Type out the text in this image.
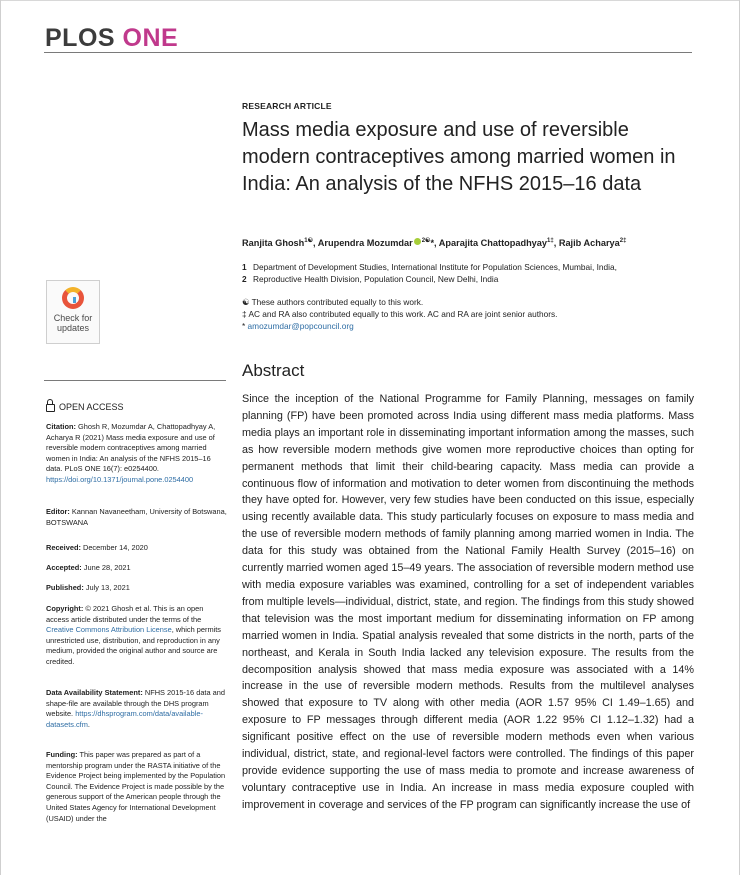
PLOS ONE
RESEARCH ARTICLE
Mass media exposure and use of reversible modern contraceptives among married women in India: An analysis of the NFHS 2015–16 data
Ranjita Ghosh$^{1☯}$, Arupendra Mozumdar $^{2☯}$*, Aparajita Chattopadhyay$^{1\ddagger}$, Rajib Acharya$^{2\ddagger}$
1 Department of Development Studies, International Institute for Population Sciences, Mumbai, India,
2 Reproductive Health Division, Population Council, New Delhi, India
☯ These authors contributed equally to this work.
‡ AC and RA also contributed equally to this work. AC and RA are joint senior authors.
* amozumdar@popcouncil.org
Check for
updates
OPEN ACCESS
Citation: Ghosh R, Mozumdar A, Chattopadhyay A, Acharya R (2021) Mass media exposure and use of reversible modern contraceptives among married women in India: An analysis of the NFHS 2015–16 data. PLoS ONE 16(7): e0254400. https://doi.org/10.1371/journal.pone.0254400
Editor: Kannan Navaneetham, University of Botswana, BOTSWANA
Received: December 14, 2020
Accepted: June 28, 2021
Published: July 13, 2021
Copyright: © 2021 Ghosh et al. This is an open access article distributed under the terms of the Creative Commons Attribution License, which permits unrestricted use, distribution, and reproduction in any medium, provided the original author and source are credited.
Data Availability Statement: NFHS 2015-16 data and shape-file are available through the DHS program website. https://dhsprogram.com/data/available-datasets.cfm.
Funding: This paper was prepared as part of a mentorship program under the RASTA initiative of the Evidence Project being implemented by the Population Council. The Evidence Project is made possible by the generous support of the American people through the United States Agency for International Development (USAID) under the
Abstract
Since the inception of the National Programme for Family Planning, messages on family planning (FP) have been promoted across India using different mass media platforms. Mass media plays an important role in disseminating important information among the masses, such as how reversible modern methods give women more reproductive choices than opting for permanent methods that limit their child-bearing capacity. Mass media can provide a continuous flow of information and motivation to deter women from discontinuing the methods they have opted for. However, very few studies have been conducted on this issue, especially using recently available data. This study particularly focuses on exposure to mass media and the use of reversible modern methods of family planning among married women in India. The data for this study was obtained from the National Family Health Survey (2015–16) on currently married women aged 15–49 years. The association of reversible modern method use with media exposure variables was examined, controlling for a set of independent variables from multiple levels—individual, district, state, and region. The findings from this study showed that television was the most important medium for disseminating information on FP among married women in India. Spatial analysis revealed that some districts in the north, parts of the northeast, and Kerala in South India lacked any television exposure. The results from the decomposition analysis showed that mass media exposure was associated with a 14% increase in the use of reversible modern methods. Results from the multilevel analyses showed that exposure to TV along with other media (AOR 1.57 95% CI 1.49–1.65) and exposure to FP messages through different media (AOR 1.22 95% CI 1.12–1.32) had a significant positive effect on the use of reversible modern methods even when various individual, district, state, and regional-level factors were controlled. The findings of this paper provide evidence supporting the use of mass media to promote and increase awareness of voluntary contraceptive use in India. An increase in mass media exposure coupled with improvement in coverage and services of the FP program can significantly increase the use of
